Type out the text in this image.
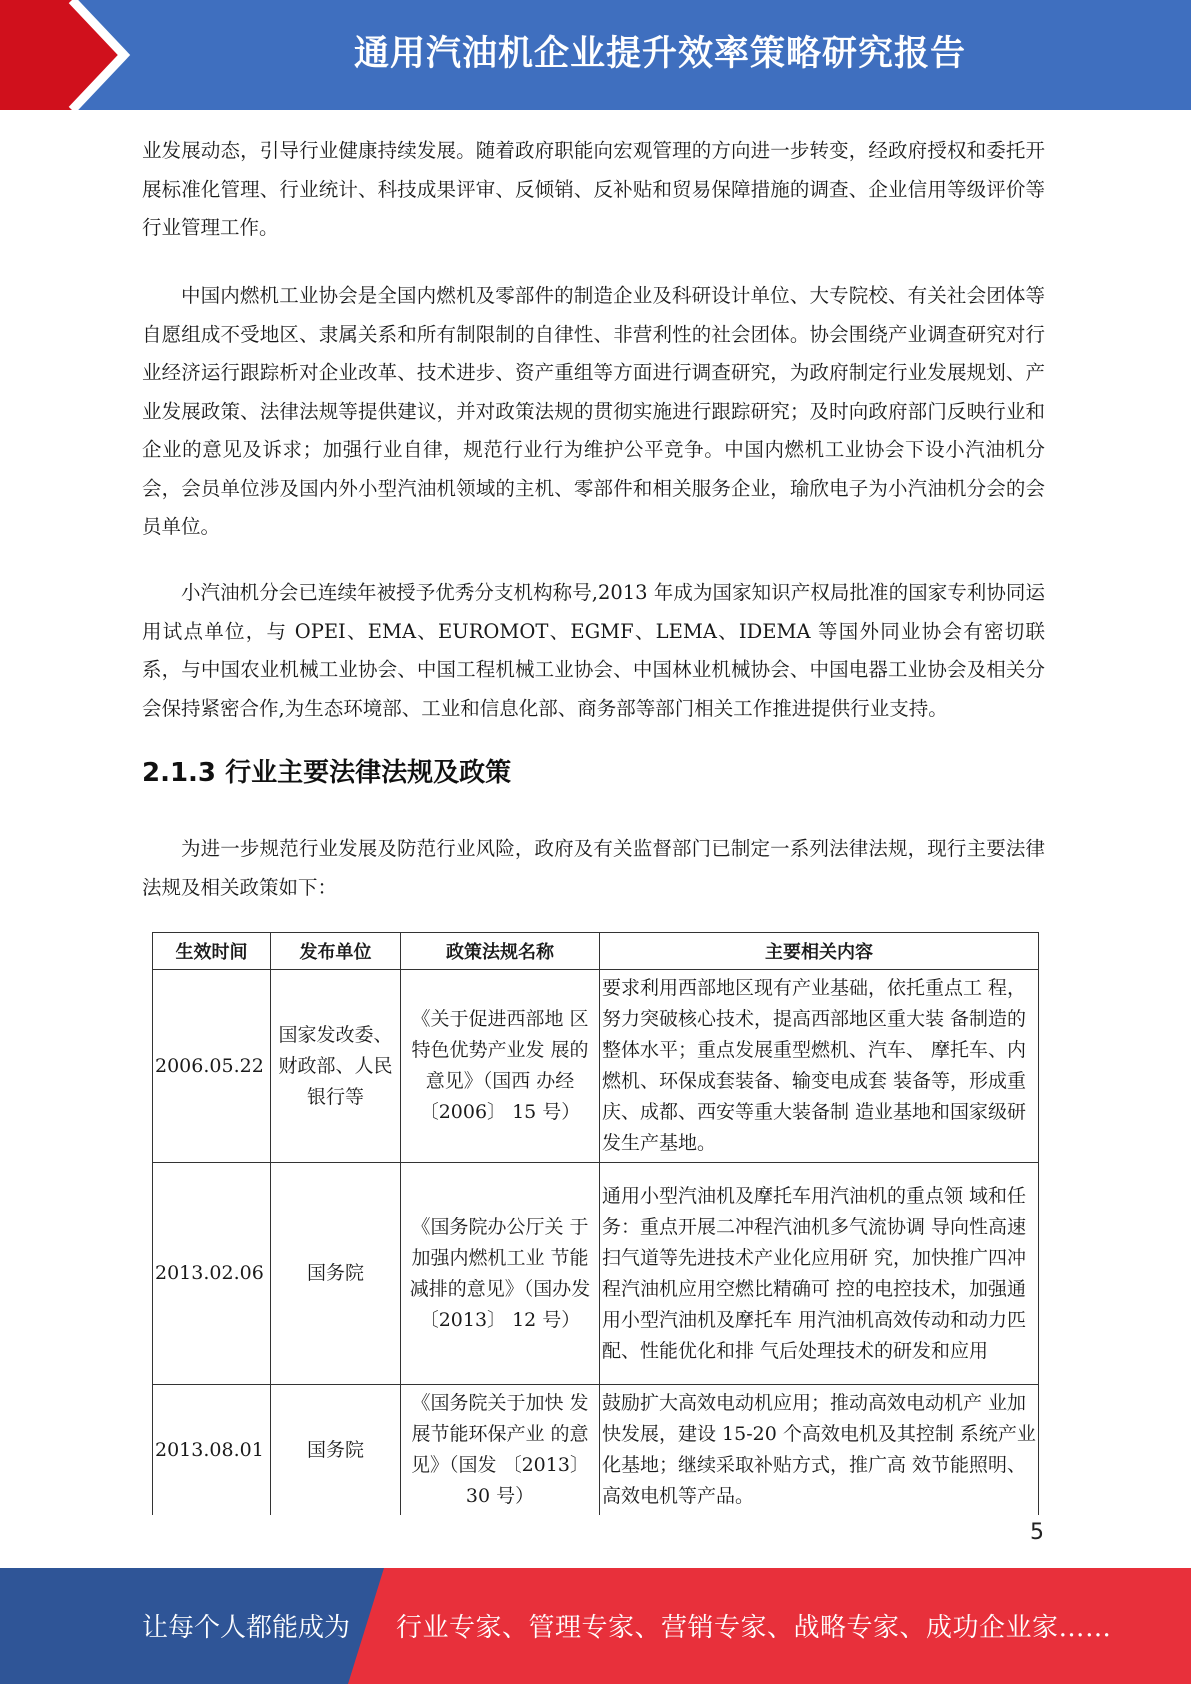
通用汽油机企业提升效率策略研究报告

业发展动态，引导行业健康持续发展。随着政府职能向宏观管理的方向进一步转变，经政府授权和委托开展标准化管理、行业统计、科技成果评审、反倾销、反补贴和贸易保障措施的调查、企业信用等级评价等行业管理工作。

中国内燃机工业协会是全国内燃机及零部件的制造企业及科研设计单位、大专院校、有关社会团体等自愿组成不受地区、隶属关系和所有制限制的自律性、非营利性的社会团体。协会围绕产业调查研究对行业经济运行跟踪析对企业改革、技术进步、资产重组等方面进行调查研究，为政府制定行业发展规划、产业发展政策、法律法规等提供建议，并对政策法规的贯彻实施进行跟踪研究；及时向政府部门反映行业和企业的意见及诉求；加强行业自律，规范行业行为维护公平竞争。中国内燃机工业协会下设小汽油机分会，会员单位涉及国内外小型汽油机领域的主机、零部件和相关服务企业，瑜欣电子为小汽油机分会的会员单位。

小汽油机分会已连续年被授予优秀分支机构称号,2013 年成为国家知识产权局批准的国家专利协同运用试点单位，与 OPEI、EMA、EUROMOT、EGMF、LEMA、IDEMA 等国外同业协会有密切联系，与中国农业机械工业协会、中国工程机械工业协会、中国林业机械协会、中国电器工业协会及相关分会保持紧密合作,为生态环境部、工业和信息化部、商务部等部门相关工作推进提供行业支持。

2.1.3 行业主要法律法规及政策

为进一步规范行业发展及防范行业风险，政府及有关监督部门已制定一系列法律法规，现行主要法律法规及相关政策如下：

生效时间	发布单位	政策法规名称	主要相关内容
2006.05.22	国家发改委、财政部、人民银行等	《关于促进西部地 区特色优势产业发 展的意见》（国西 办经〔2006〕 15 号）	要求利用西部地区现有产业基础，依托重点工 程，努力突破核心技术，提高西部地区重大装 备制造的整体水平；重点发展重型燃机、汽车、 摩托车、内燃机、环保成套装备、输变电成套 装备等，形成重庆、成都、西安等重大装备制 造业基地和国家级研发生产基地。
2013.02.06	国务院	《国务院办公厅关 于加强内燃机工业 节能减排的意见》（国办发〔2013〕 12 号）	通用小型汽油机及摩托车用汽油机的重点领 域和任务：重点开展二冲程汽油机多气流协调 导向性高速扫气道等先进技术产业化应用研 究，加快推广四冲程汽油机应用空燃比精确可 控的电控技术，加强通用小型汽油机及摩托车 用汽油机高效传动和动力匹配、性能优化和排 气后处理技术的研发和应用
2013.08.01	国务院	《国务院关于加快 发展节能环保产业 的意见》（国发 〔2013〕 30 号）	鼓励扩大高效电动机应用；推动高效电动机产 业加快发展，建设 15-20 个高效电机及其控制 系统产业化基地；继续采取补贴方式，推广高 效节能照明、高效电机等产品。
5
让每个人都能成为 行业专家、管理专家、营销专家、战略专家、成功企业家……
